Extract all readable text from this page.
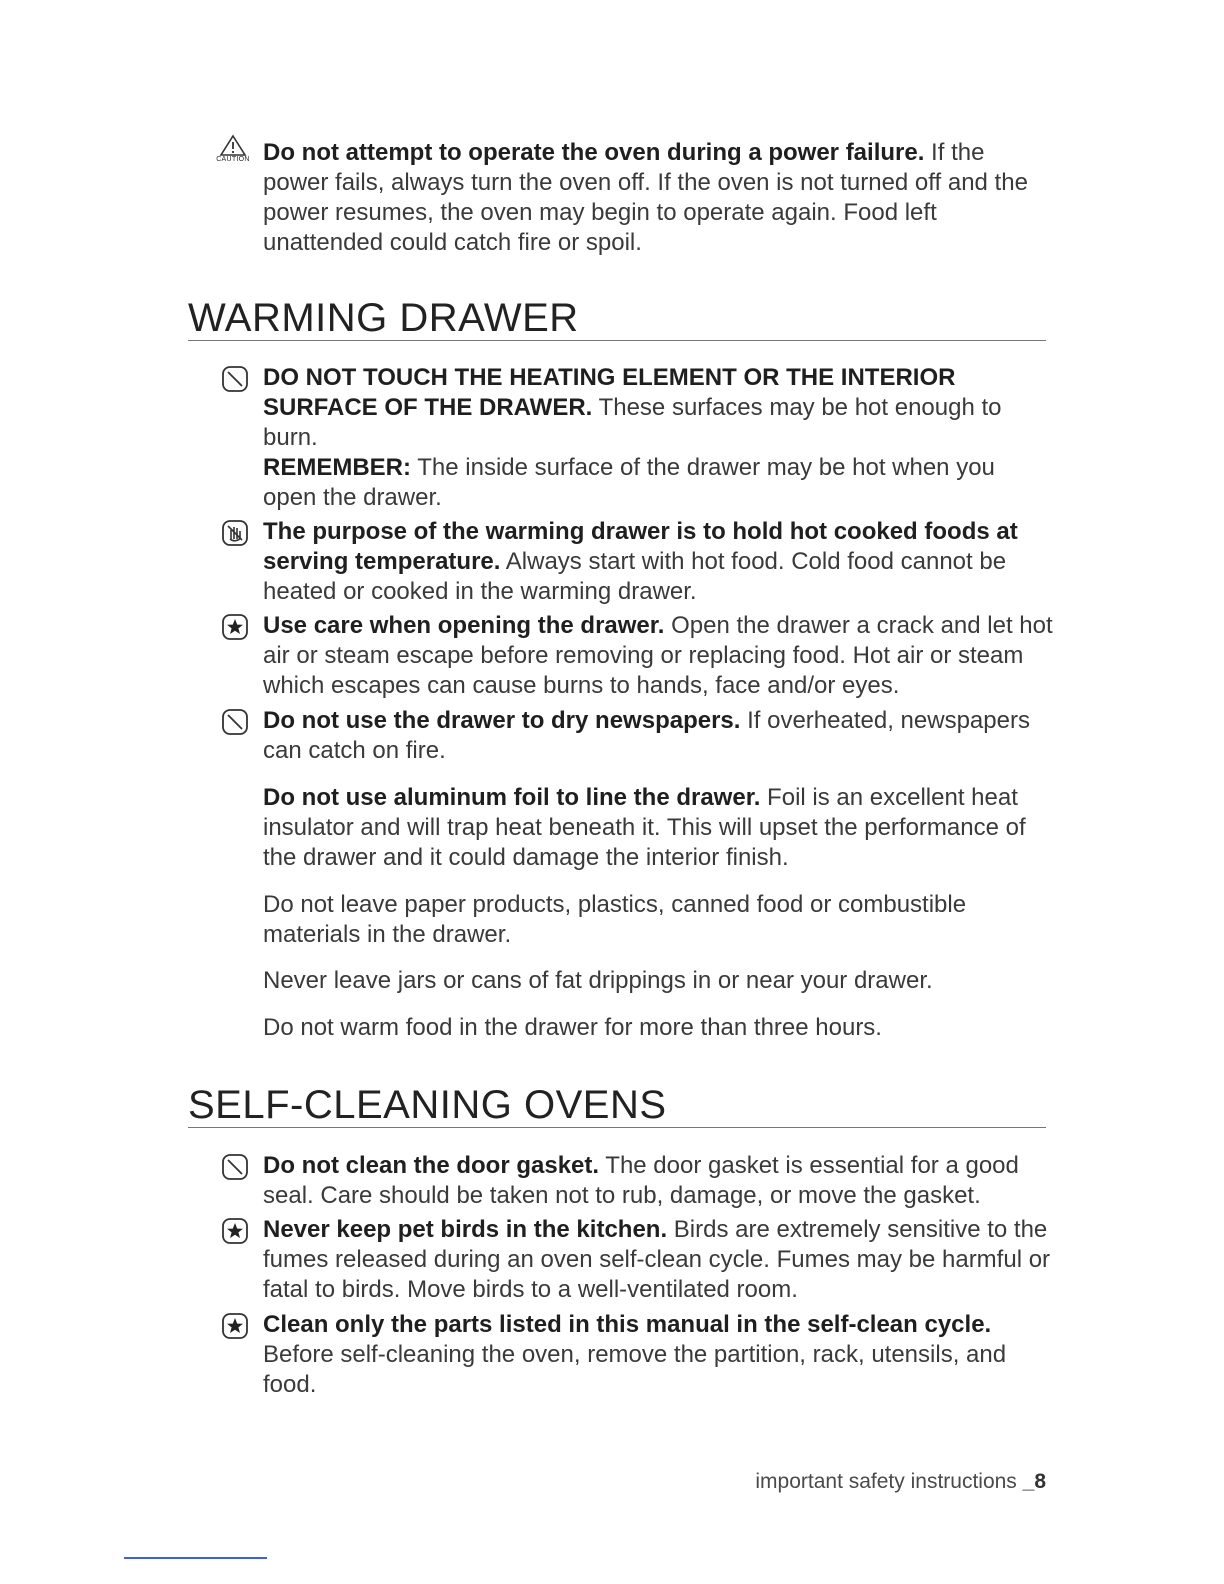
CAUTION Do not attempt to operate the oven during a power failure. If the power fails, always turn the oven off. If the oven is not turned off and the power resumes, the oven may begin to operate again. Food left unattended could catch fire or spoil.

WARMING DRAWER

DO NOT TOUCH THE HEATING ELEMENT OR THE INTERIOR SURFACE OF THE DRAWER. These surfaces may be hot enough to burn.

REMEMBER: The inside surface of the drawer may be hot when you open the drawer.

The purpose of the warming drawer is to hold hot cooked foods at serving temperature. Always start with hot food. Cold food cannot be heated or cooked in the warming drawer.

Use care when opening the drawer. Open the drawer a crack and let hot air or steam escape before removing or replacing food. Hot air or steam which escapes can cause burns to hands, face and/or eyes.

Do not use the drawer to dry newspapers. If overheated, newspapers can catch on fire.

Do not use aluminum foil to line the drawer. Foil is an excellent heat insulator and will trap heat beneath it. This will upset the performance of the drawer and it could damage the interior finish.

Do not leave paper products, plastics, canned food or combustible materials in the drawer.

Never leave jars or cans of fat drippings in or near your drawer.

Do not warm food in the drawer for more than three hours.

SELF-CLEANING OVENS

Do not clean the door gasket. The door gasket is essential for a good seal. Care should be taken not to rub, damage, or move the gasket.

Never keep pet birds in the kitchen. Birds are extremely sensitive to the fumes released during an oven self-clean cycle. Fumes may be harmful or fatal to birds. Move birds to a well-ventilated room.

Clean only the parts listed in this manual in the self-clean cycle. Before self-cleaning the oven, remove the partition, rack, utensils, and food.

important safety instructions _8
